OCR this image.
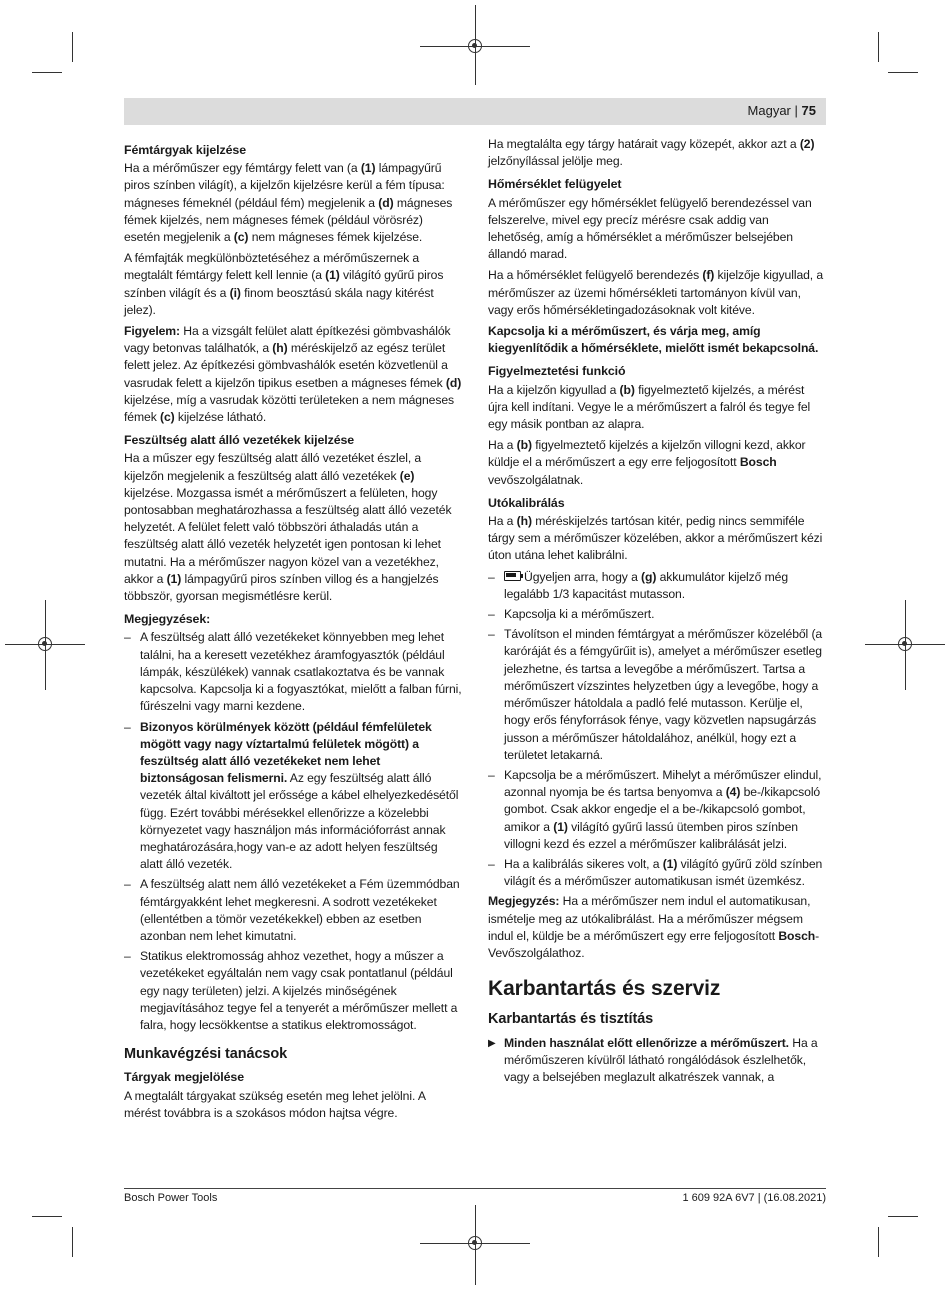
Magyar | 75
Fémtárgyak kijelzése

Ha a mérőműszer egy fémtárgy felett van (a (1) lámpagyűrű piros színben világít), a kijelzőn kijelzésre kerül a fém típusa: mágneses fémeknél (például fém) megjelenik a (d) mágneses fémek kijelzés, nem mágneses fémek (például vörösréz) esetén megjelenik a (c) nem mágneses fémek kijelzése.

A fémfajták megkülönböztetéséhez a mérőműszernek a megtalált fémtárgy felett kell lennie (a (1) világító gyűrű piros színben világít és a (i) finom beosztású skála nagy kitérést jelez).

Figyelem: Ha a vizsgált felület alatt építkezési gömbvashálók vagy betonvas találhatók, a (h) méréskijelző az egész terület felett jelez. Az építkezési gömbvashálók esetén közvetlenül a vasrudak felett a kijelzőn tipikus esetben a mágneses fémek (d) kijelzése, míg a vasrudak közötti területeken a nem mágneses fémek (c) kijelzése látható.

Feszültség alatt álló vezetékek kijelzése

Ha a műszer egy feszültség alatt álló vezetéket észlel, a kijelzőn megjelenik a feszültség alatt álló vezetékek (e) kijelzése. Mozgassa ismét a mérőműszert a felületen, hogy pontosabban meghatározhassa a feszültség alatt álló vezeték helyzetét. A felület felett való többszöri áthaladás után a feszültség alatt álló vezeték helyzetét igen pontosan ki lehet mutatni. Ha a mérőműszer nagyon közel van a vezetékhez, akkor a (1) lámpagyűrű piros színben villog és a hangjelzés többször, gyorsan megismétlésre kerül.

Megjegyzések:
– A feszültség alatt álló vezetékeket könnyebben meg lehet találni, ha a keresett vezetékhez áramfogyasztók (például lámpák, készülékek) vannak csatlakoztatva és be vannak kapcsolva. Kapcsolja ki a fogyasztókat, mielőtt a falban fúrni, fűrészelni vagy marni kezdene.
– Bizonyos körülmények között (például fémfelületek mögött vagy nagy víztartalmú felületek mögött) a feszültség alatt álló vezetékeket nem lehet biztonságosan felismerni. Az egy feszültség alatt álló vezeték által kiváltott jel erőssége a kábel elhelyezkedésétől függ. Ezért további mérésekkel ellenőrizze a közelebbi környezetet vagy használjon más információforrást annak meghatározására,hogy van-e az adott helyen feszültség alatt álló vezeték.
– A feszültség alatt nem álló vezetékeket a Fém üzemmódban fémtárgyakként lehet megkeresni. A sodrott vezetékeket (ellentétben a tömör vezetékekkel) ebben az esetben azonban nem lehet kimutatni.
– Statikus elektromosság ahhoz vezethet, hogy a műszer a vezetékeket egyáltalán nem vagy csak pontatlanul (például egy nagy területen) jelzi. A kijelzés minőségének megjavításához tegye fel a tenyerét a mérőműszer mellett a falra, hogy lecsökkentse a statikus elektromosságot.
Munkavégzési tanácsok
Tárgyak megjelölése

A megtalált tárgyakat szükség esetén meg lehet jelölni. A mérést továbbra is a szokásos módon hajtsa végre.

Ha megtalálta egy tárgy határait vagy közepét, akkor azt a (2) jelzőnyílással jelölje meg.

Hőmérséklet felügyelet

A mérőműszer egy hőmérséklet felügyelő berendezéssel van felszerelve, mivel egy precíz mérésre csak addig van lehetőség, amíg a hőmérséklet a mérőműszer belsejében állandó marad.

Ha a hőmérséklet felügyelő berendezés (f) kijelzője kigyullad, a mérőműszer az üzemi hőmérsékleti tartományon kívül van, vagy erős hőmérsékletingadozásoknak volt kitéve.

Kapcsolja ki a mérőműszert, és várja meg, amíg kiegyenlítődik a hőmérséklete, mielőtt ismét bekapcsolná.

Figyelmeztetési funkció

Ha a kijelzőn kigyullad a (b) figyelmeztető kijelzés, a mérést újra kell indítani. Vegye le a mérőműszert a falról és tegye fel egy másik pontban az alapra.

Ha a (b) figyelmeztető kijelzés a kijelzőn villogni kezd, akkor küldje el a mérőműszert a egy erre feljogosított Bosch vevőszolgálatnak.

Utókalibrálás

Ha a (h) méréskijelzés tartósan kitér, pedig nincs semmiféle tárgy sem a mérőműszer közelében, akkor a mérőműszert kézi úton utána lehet kalibrálni.

– Ügyeljen arra, hogy a (g) akkumulátor kijelző még legalább 1/3 kapacitást mutasson.
– Kapcsolja ki a mérőműszert.
– Távolítson el minden fémtárgyat a mérőműszer közeléből (a karóráját és a fémgyűrűit is), amelyet a mérőműszer esetleg jelezhetne, és tartsa a levegőbe a mérőműszert. Tartsa a mérőműszert vízszintes helyzetben úgy a levegőbe, hogy a mérőműszer hátoldala a padló felé mutasson. Kerülje el, hogy erős fényforrások fénye, vagy közvetlen napsugárzás jusson a mérőműszer hátoldalához, anélkül, hogy ezt a területet letakarná.
– Kapcsolja be a mérőműszert. Mihelyt a mérőműszer elindul, azonnal nyomja be és tartsa benyomva a (4) be-/kikapcsoló gombot. Csak akkor engedje el a be-/kikapcsoló gombot, amikor a (1) világító gyűrű lassú ütemben piros színben villogni kezd és ezzel a mérőműszer kalibrálását jelzi.
– Ha a kalibrálás sikeres volt, a (1) világító gyűrű zöld színben világít és a mérőműszer automatikusan ismét üzemkész.

Megjegyzés: Ha a mérőműszer nem indul el automatikusan, ismételje meg az utókalibrálást. Ha a mérőműszer mégsem indul el, küldje be a mérőműszert egy erre feljogosított Bosch-Vevőszolgálathoz.

Karbantartás és szerviz
Karbantartás és tisztítás
▶ Minden használat előtt ellenőrizze a mérőműszert. Ha a mérőműszeren kívülről látható rongálódások észlelhetők, vagy a belsejében meglazult alkatrészek vannak, a
Bosch Power Tools	1 609 92A 6V7 | (16.08.2021)
